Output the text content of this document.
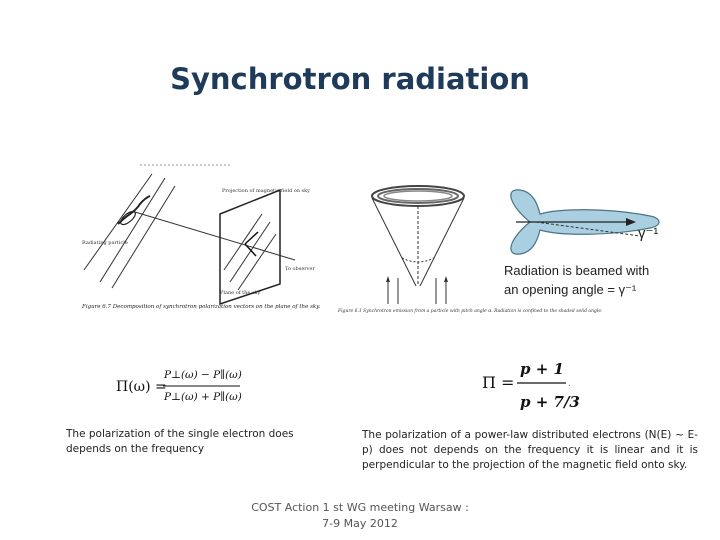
Synchrotron radiation
Projection of magnetic field on sky
Radiating particle
To observer
Plane of the sky
Figure 6.7 Decomposition of synchrotron polarization vectors on the plane of the sky.
Figure 6.1 Synchrotron emission from a particle with pitch angle α. Radiation is confined to the shaded solid angle.
γ⁻¹
Radiation is beamed with
an opening angle = γ⁻¹
Π(ω) =
P⊥(ω) − P∥(ω)
P⊥(ω) + P∥(ω)
Π =
p + 1
p + 7/3
.
The polarization of the single electron does depends on the frequency
The polarization of a power-law distributed electrons (N(E) ~ E-p) does not depends on the frequency it is linear and it is perpendicular to the projection of the magnetic field onto sky.
COST Action 1 st WG meeting Warsaw :
7-9 May 2012
